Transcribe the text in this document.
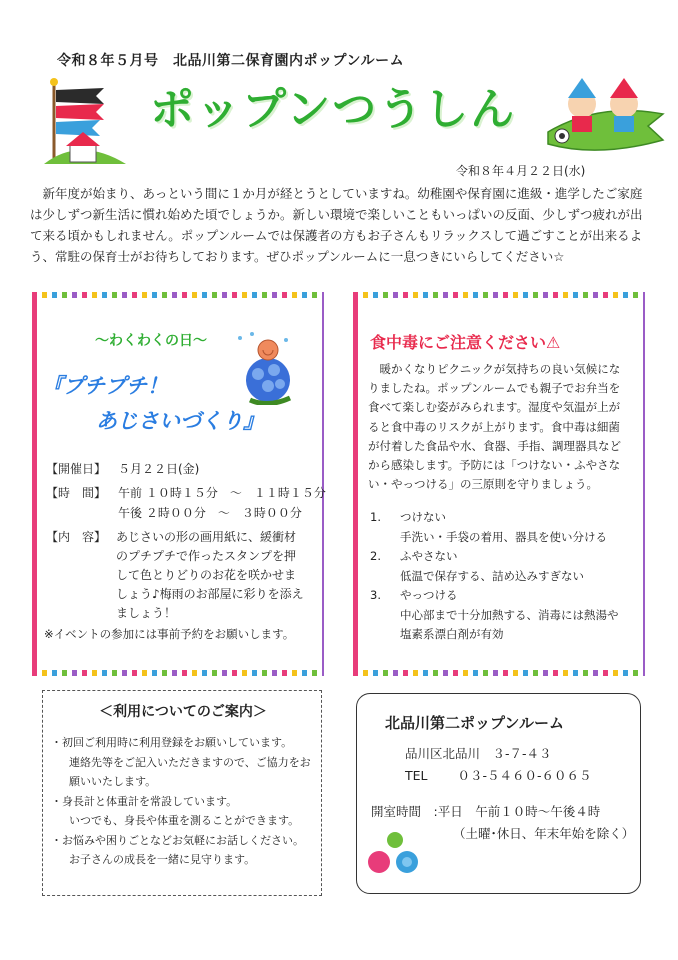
令和８年５月号　北品川第二保育園内ポップンルーム
ポップンつうしん
令和８年４月２２日(水)

新年度が始まり、あっという間に１か月が経とうとしていますね。幼稚園や保育園に進級・進学したご家庭は少しずつ新生活に慣れ始めた頃でしょうか。新しい環境で楽しいこともいっぱいの反面、少しずつ疲れが出て来る頃かもしれません。ポップンルームでは保護者の方もお子さんもリラックスして過ごすことが出来るよう、常駐の保育士がお待ちしております。ぜひポップンルームに一息つきにいらしてください☆

～わくわくの日～
『プチプチ！
あじさいづくり』
【開催日】 ５月２２日(金)
【時　間】 午前 １０時１５分　～　１１時１５分
午後 ２時００分　～　３時００分
【内　容】 あじさいの形の画用紙に、緩衝材のプチプチで作ったスタンプを押して色とりどりのお花を咲かせましょう♪梅雨のお部屋に彩りを添えましょう！
※イベントの参加には事前予約をお願いします。
食中毒にご注意ください⚠

暖かくなりピクニックが気持ちの良い気候になりましたね。ポップンルームでも親子でお弁当を食べて楽しむ姿がみられます。湿度や気温が上がると食中毒のリスクが上がります。食中毒は細菌が付着した食品や水、食器、手指、調理器具などから感染します。予防には「つけない・ふやさない・やっつける」の三原則を守りましょう。

1. つけない
手洗い・手袋の着用、器具を使い分ける
2. ふやさない
低温で保存する、詰め込みすぎない
3. やっつける
中心部まで十分加熱する、消毒には熱湯や塩素系漂白剤が有効
＜利用についてのご案内＞
・初回ご利用時に利用登録をお願いしています。
連絡先等をご記入いただきますので、ご協力をお願いいたします。
・身長計と体重計を常設しています。
いつでも、身長や体重を測ることができます。
・お悩みや困りごとなどお気軽にお話しください。
お子さんの成長を一緒に見守ります。
北品川第二ポップンルーム
品川区北品川　３-７-４３
TEL ０３-５４６０-６０６５
開室時間　:平日　午前１０時～午後４時
（土曜･休日、年末年始を除く）
